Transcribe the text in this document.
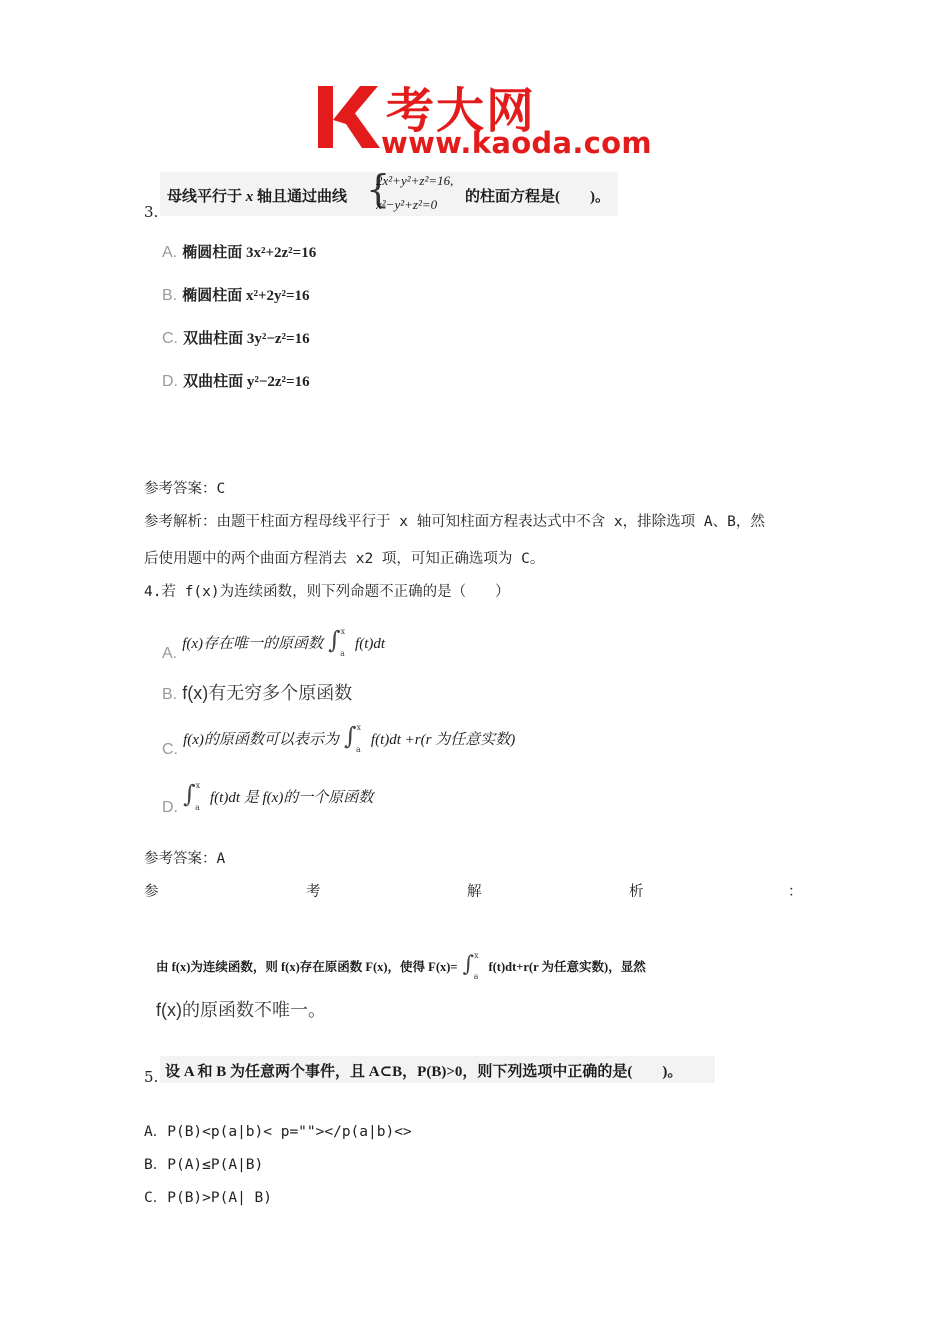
考大网
www.kaoda.com
3.
母线平行于 x 轴且通过曲线 {
2x²+y²+z²=16,
x²−y²+z²=0 的柱面方程是(　　)。
A. 椭圆柱面 3x²+2z²=16
B. 椭圆柱面 x²+2y²=16
C. 双曲柱面 3y²−z²=16
D. 双曲柱面 y²−2z²=16
参考答案：C
参考解析：由题干柱面方程母线平行于 x 轴可知柱面方程表达式中不含 x，排除选项 A、B，然
后使用题中的两个曲面方程消去 x2 项，可知正确选项为 C。
4.若 f(x)为连续函数，则下列命题不正确的是（　　）
A. f(x)存在唯一的原函数 ∫$^x_a$ f(t)dt
B. f(x)有无穷多个原函数
C. f(x)的原函数可以表示为 ∫$^x_a$ f(t)dt +r(r 为任意实数)
D. ∫$^x_a$ f(t)dt 是 f(x)的一个原函数
参考答案：A
参	考	解	析	：
由 f(x)为连续函数，则 f(x)存在原函数 F(x)，使得 F(x)= ∫$^x_a$ f(t)dt+r(r 为任意实数)，显然
f(x)的原函数不唯一。
5. 设 A 和 B 为任意两个事件，且 A⊂B，P(B)>0，则下列选项中正确的是(　　)。
A．P(B)<p(a|b)< p=""></p(a|b)<>
B．P(A)≤P(A|B)
C．P(B)>P(A| B)
